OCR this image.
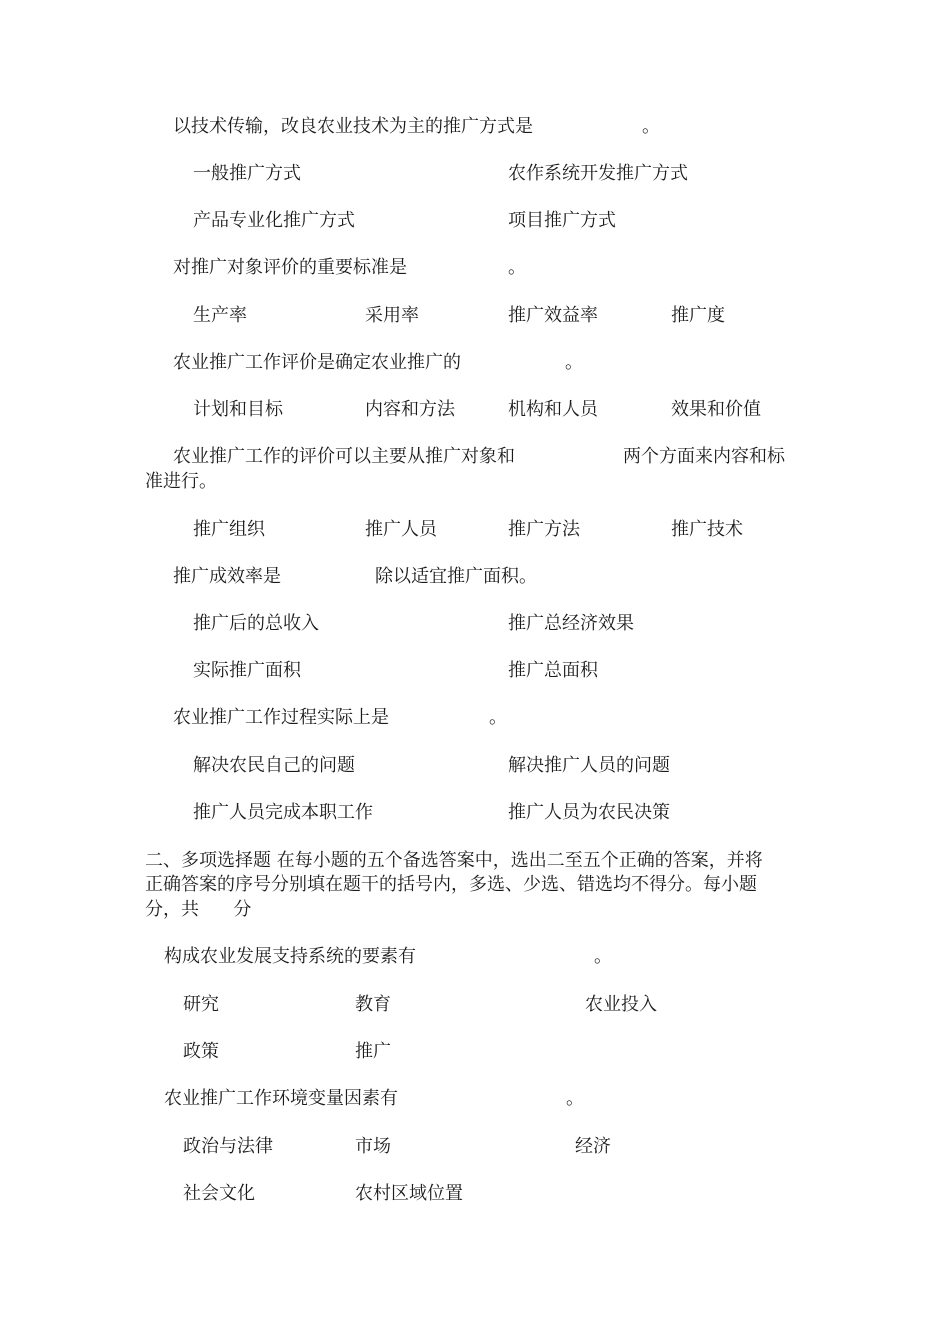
以技术传输，改良农业技术为主的推广方式是	。
一般推广方式	农作系统开发推广方式
产品专业化推广方式	项目推广方式
对推广对象评价的重要标准是	。
生产率	采用率	推广效益率	推广度
农业推广工作评价是确定农业推广的	。
计划和目标	内容和方法	机构和人员	效果和价值
农业推广工作的评价可以主要从推广对象和	两个方面来内容和标
准进行。
推广组织	推广人员	推广方法	推广技术
推广成效率是	除以适宜推广面积。
推广后的总收入	推广总经济效果
实际推广面积	推广总面积
农业推广工作过程实际上是	。
解决农民自己的问题	解决推广人员的问题
推广人员完成本职工作	推广人员为农民决策
二、多项选择题 在每小题的五个备选答案中，选出二至五个正确的答案，并将
正确答案的序号分别填在题干的括号内，多选、少选、错选均不得分。每小题
分，共      分
构成农业发展支持系统的要素有	。
研究	教育	农业投入
政策	推广
农业推广工作环境变量因素有	。
政治与法律	市场	经济
社会文化	农村区域位置
